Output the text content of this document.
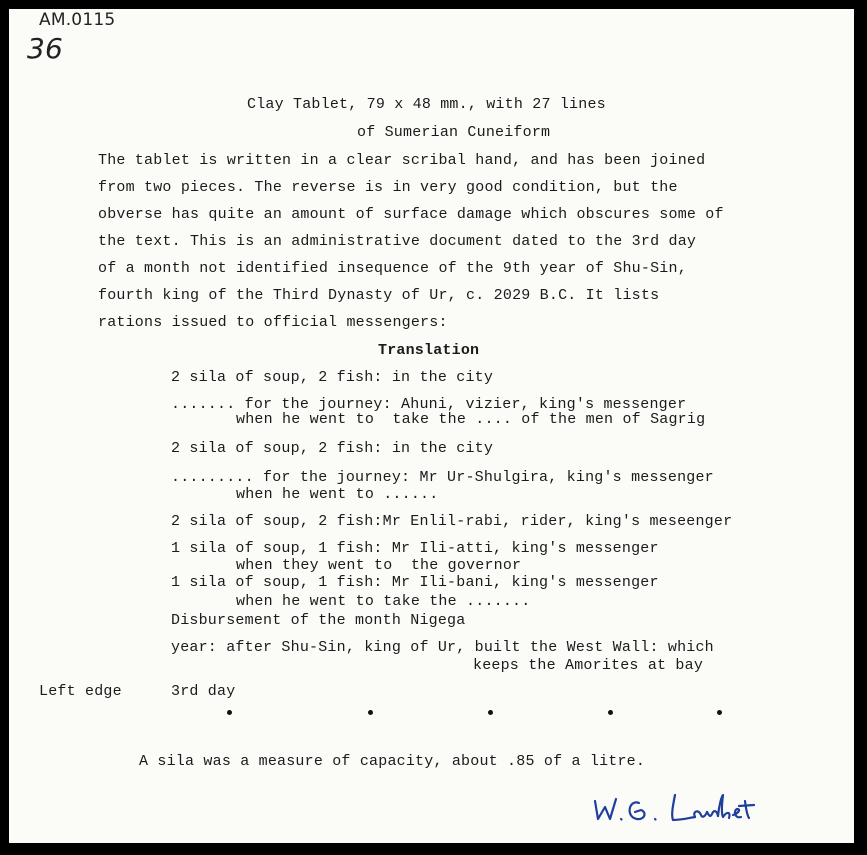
AM.0115
36
Clay Tablet, 79 x 48 mm., with 27 lines
of Sumerian Cuneiform
The tablet is written in a clear scribal hand, and has been joined
from two pieces. The reverse is in very good condition, but the
obverse has quite an amount of surface damage which obscures some of
the text. This is an administrative document dated to the 3rd day
of a month not identified insequence of the 9th year of Shu-Sin,
fourth king of the Third Dynasty of Ur, c. 2029 B.C. It lists
rations issued to official messengers:
Translation
2 sila of soup, 2 fish: in the city
....... for the journey: Ahuni, vizier, king's messenger
when he went to  take the .... of the men of Sagrig
2 sila of soup, 2 fish: in the city
......... for the journey: Mr Ur-Shulgira, king's messenger
when he went to ......
2 sila of soup, 2 fish:Mr Enlil-rabi, rider, king's meseenger
1 sila of soup, 1 fish: Mr Ili-atti, king's messenger
when they went to  the governor
1 sila of soup, 1 fish: Mr Ili-bani, king's messenger
when he went to take the .......
Disbursement of the month Nigega
year: after Shu-Sin, king of Ur, built the West Wall: which
keeps the Amorites at bay
Left edge	3rd day
A sila was a measure of capacity, about .85 of a litre.
